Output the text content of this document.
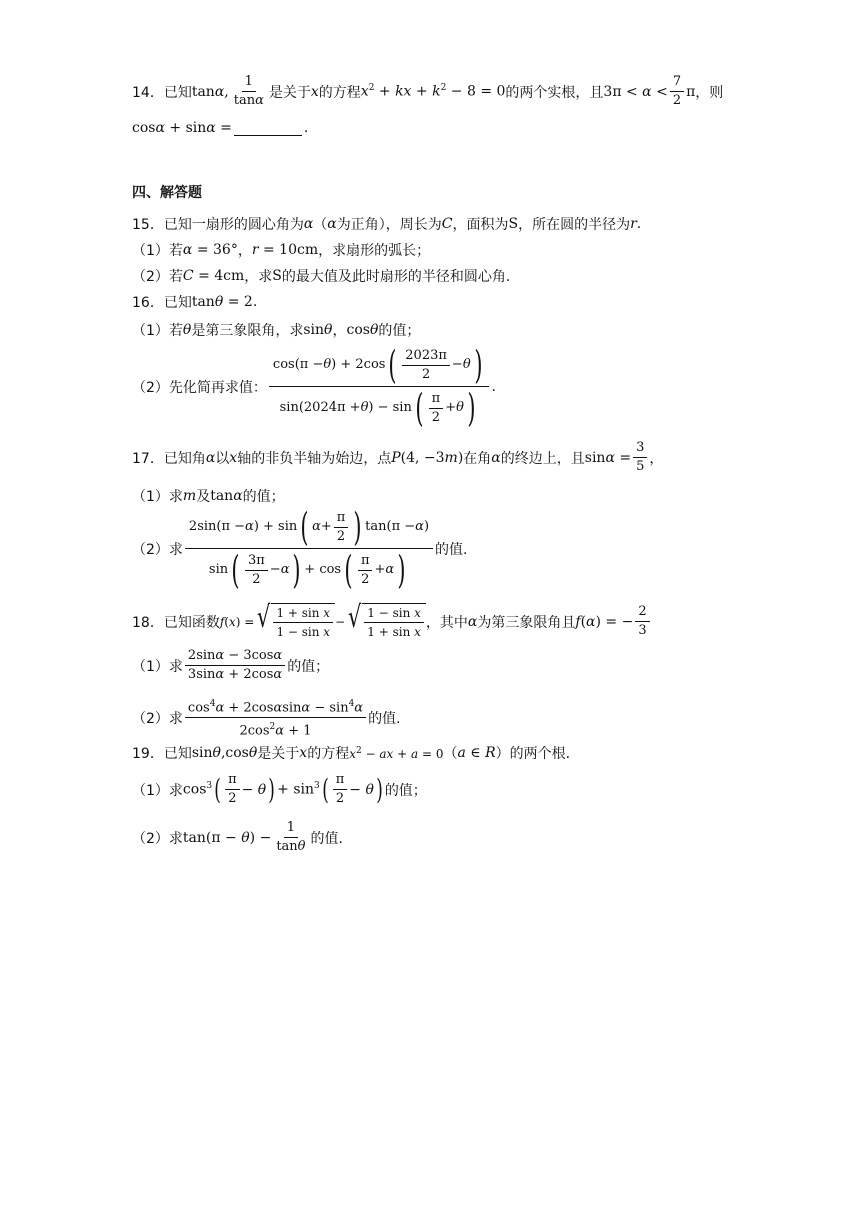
14． 已知 tanα, $\frac{1}{\tan\alpha}$ 是关于 x 的方程 $x^2$ + kx + $k^2 - 8 = 0$ 的两个实根，且 $3\pi < \alpha < \frac{7}{2}$ π ，则
cosα + sinα =	.
四、解答题
15． 已知一扇形的圆心角为 α （ α 为正角），周长为 C ，面积为 S ，所在圆的半径为 r .
（1）若 α = 36° ， r = 10cm ，求扇形的弧长；
（2）若 C = 4cm ，求 S 的最大值及此时扇形的半径和圆心角.
16． 已知 tanθ = 2 .
（1）若 θ 是第三象限角，求 sinθ ， cosθ 的值；
（2）先化简再求值： $\frac{\cos(\pi - \theta ) + 2\cos ( \frac{2023\pi}{2} - \theta )}{\sin(2024\pi + \theta ) - \sin ( \frac{\pi}{2} + \theta )}$ .
17． 已知角 α 以 x 轴的非负半轴为始边，点 P(4, −3m) 在角 α 的终边上，且 $\sin\alpha = \frac{3}{5}$ ，
（1）求 m 及 tanα 的值；
（2）求 $\frac{2\sin(\pi - \alpha ) + \sin ( \alpha + \frac{\pi}{2} ) \tan(\pi - \alpha )}{\sin ( \frac{3\pi}{2} - \alpha ) + \cos ( \frac{\pi}{2} + \alpha )}$ 的值.
18． 已知函数 f(x) = √ $\frac{\text{1 + sin x}}{\text{1 − sin x}}$ − √ $\frac{\text{1 − sin x}}{\text{1 + sin x}}$ ，其中 α 为第三象限角且 f(α) = − $\frac{2}{3}$
（1）求 $\frac{2\sin\alpha - 3\cos\alpha}{3\sin\alpha + 2\cos\alpha}$ 的值；
（2）求 $\frac{\cos^4\alpha + 2\cos\alpha\sin\alpha - \sin^4\alpha}{2\cos^2\alpha + 1}$ 的值.
19． 已知 sinθ,cosθ 是关于 x 的方程 $x^2$ − ax + a = 0 （ a ∈ R ）的两个根.
（1）求 $\cos^3$ ( $\frac{\pi}{2} - \theta$ ) + $\sin^3$ ( $\frac{\pi}{2} - \theta$ ) 的值；
（2）求 $\tan(\pi - \theta) - \frac{1}{\tan\theta}$ 的值.
